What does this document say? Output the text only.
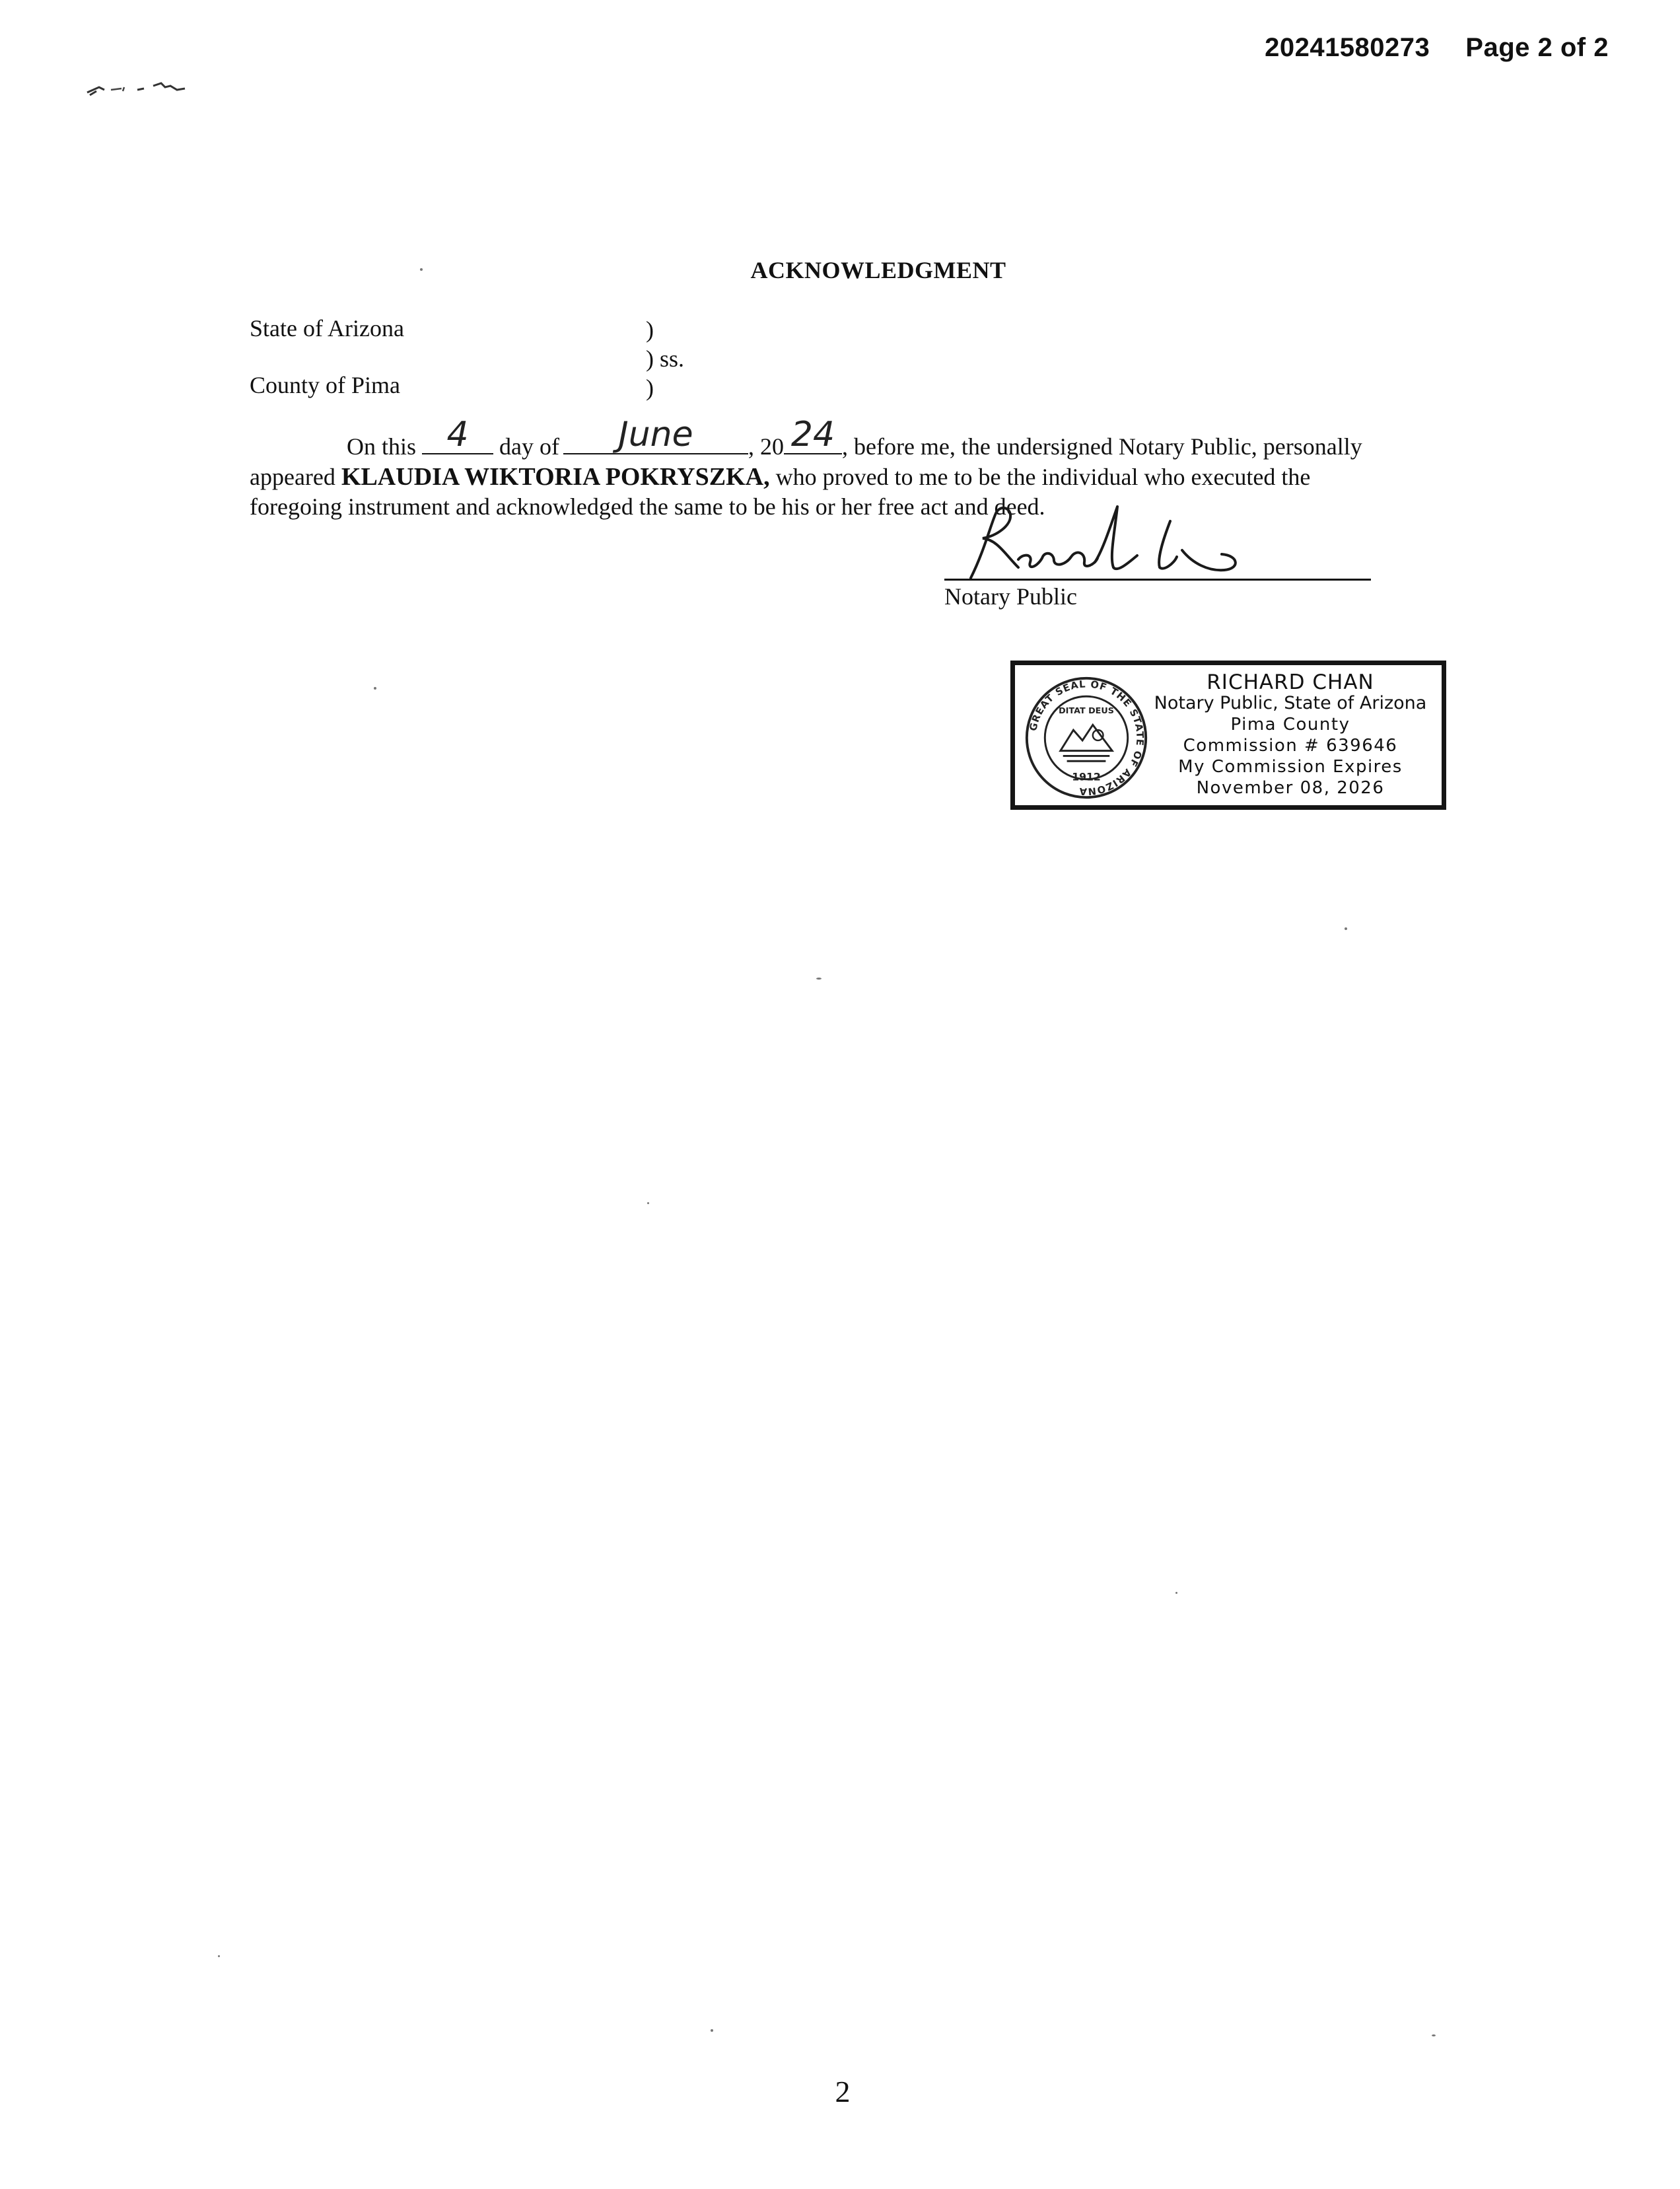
20241580273 Page 2 of 2
ACKNOWLEDGMENT
State of Arizona
County of Pima
)
) ss.
)
On this 4	day of	June	, 20 24 , before me, the undersigned Notary Public, personally
appeared KLAUDIA WIKTORIA POKRYSZKA, who proved to me to be the individual who executed the
foregoing instrument and acknowledged the same to be his or her free act and deed.
Notary Public
GREAT SEAL OF THE STATE OF ARIZONA
DITAT DEUS
1912
RICHARD CHAN
Notary Public, State of Arizona
Pima County
Commission # 639646
My Commission Expires
November 08, 2026
2
